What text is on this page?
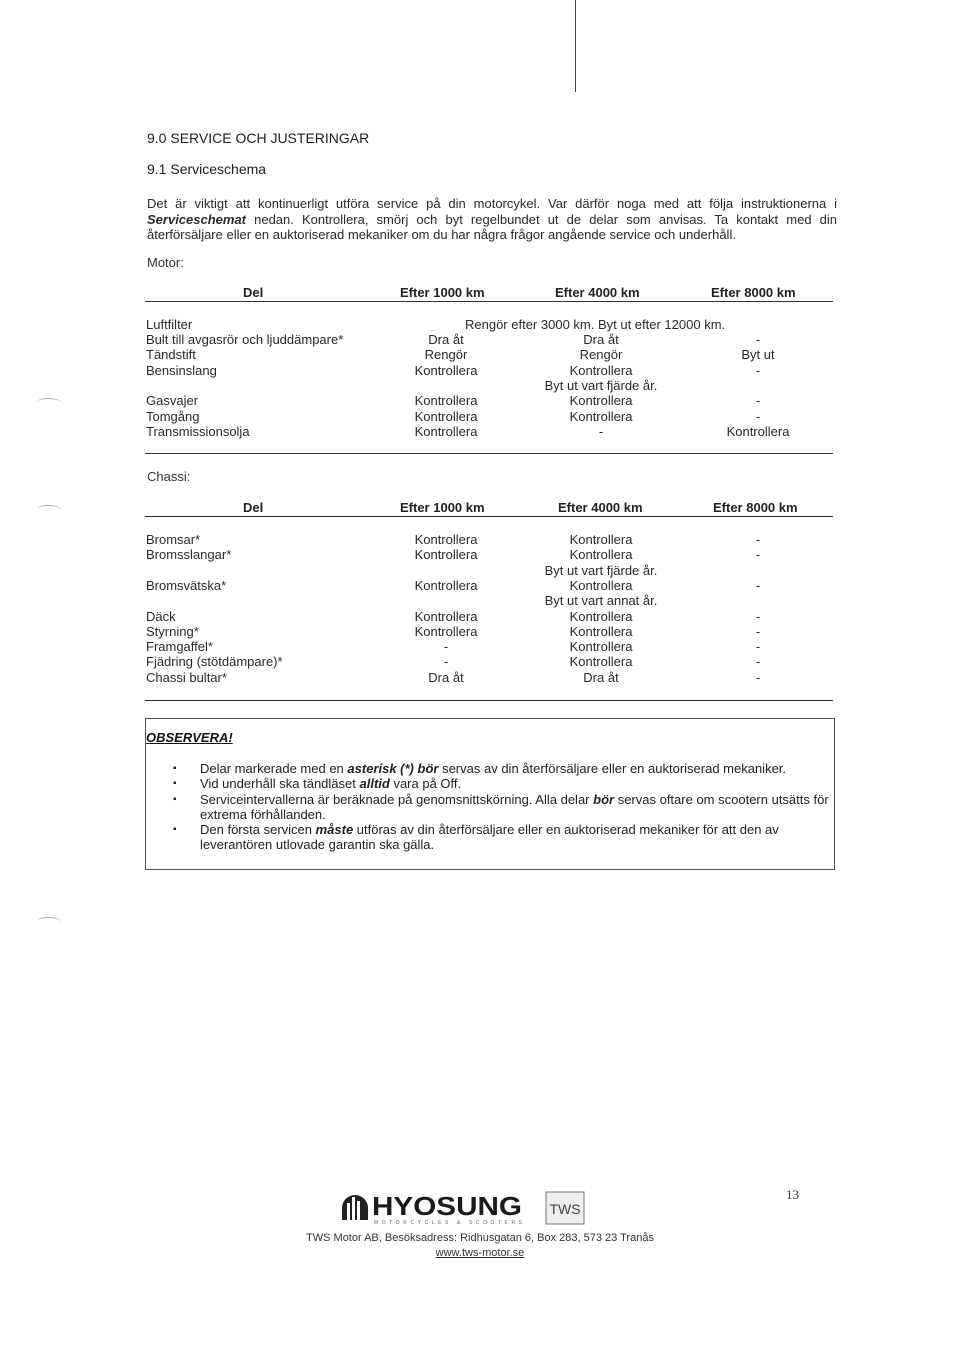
9.0 SERVICE OCH JUSTERINGAR
9.1 Serviceschema
Det är viktigt att kontinuerligt utföra service på din motorcykel. Var därför noga med att följa instruktionerna i Serviceschemat nedan. Kontrollera, smörj och byt regelbundet ut de delar som anvisas. Ta kontakt med din återförsäljare eller en auktoriserad mekaniker om du har några frågor angående service och underhåll.
Motor:
Del	Efter 1000 km	Efter 4000 km	Efter 8000 km
Luftfilter	Rengör efter 3000 km. Byt ut efter 12000 km.
Bult till avgasrör och ljuddämpare*	Dra åt	Dra åt	-
Tändstift	Rengör	Rengör	Byt ut
Bensinslang	Kontrollera	Kontrollera	-
Byt ut vart fjärde år.
Gasvajer	Kontrollera	Kontrollera	-
Tomgång	Kontrollera	Kontrollera	-
Transmissionsolja	Kontrollera	-	Kontrollera
Chassi:
Del	Efter 1000 km	Efter 4000 km	Efter 8000 km
Bromsar*	Kontrollera	Kontrollera	-
Bromsslangar*	Kontrollera	Kontrollera	-
Byt ut vart fjärde år.
Bromsvätska*	Kontrollera	Kontrollera	-
Byt ut vart annat år.
Däck	Kontrollera	Kontrollera	-
Styrning*	Kontrollera	Kontrollera	-
Framgaffel*	-	Kontrollera	-
Fjädring (stötdämpare)*	-	Kontrollera	-
Chassi bultar*	Dra åt	Dra åt	-
OBSERVERA!
▪ Delar markerade med en asterisk (*) bör servas av din återförsäljare eller en auktoriserad mekaniker.
▪ Vid underhåll ska tändläset alltid vara på Off.
▪ Serviceintervallerna är beräknade på genomsnittskörning. Alla delar bör servas oftare om scootern utsätts för extrema förhållanden.
▪ Den första servicen måste utföras av din återförsäljare eller en auktoriserad mekaniker för att den av leverantören utlovade garantin ska gälla.
HYOSUNG
MOTORCYCLES & SCOOTERS
TWS
13
TWS Motor AB, Besöksadress: Ridhusgatan 6, Box 283, 573 23 Tranås
www.tws-motor.se
